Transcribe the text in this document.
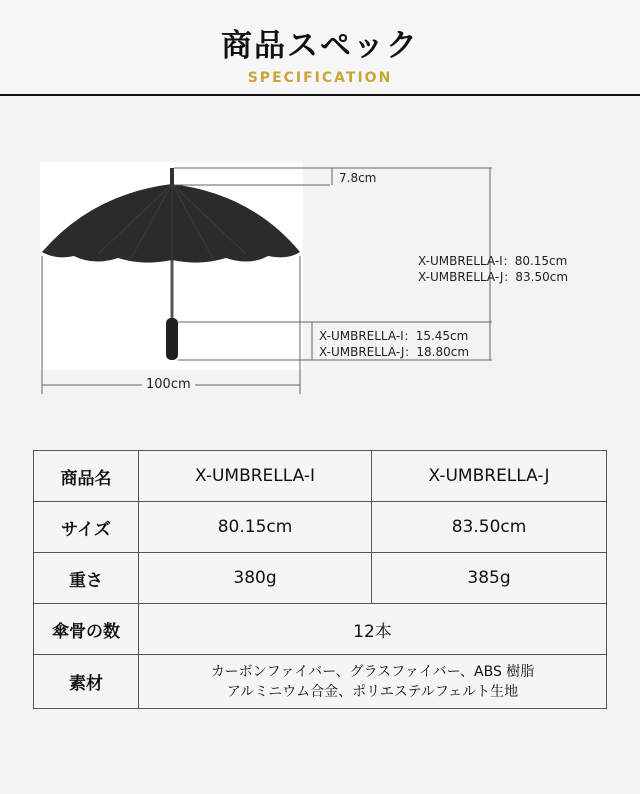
商品スペック
SPECIFICATION
7.8cm
X-UMBRELLA-Ⅰ：80.15cm
X-UMBRELLA-J：83.50cm
X-UMBRELLA-Ⅰ：15.45cm
X-UMBRELLA-J：18.80cm
100cm
商品名	X-UMBRELLA-Ⅰ	X-UMBRELLA-J
サイズ	80.15cm	83.50cm
重さ	380g	385g
傘骨の数	12本	
素材	カーボンファイバー、グラスファイバー、ABS 樹脂
アルミニウム合金、ポリエステルフェルト生地	
